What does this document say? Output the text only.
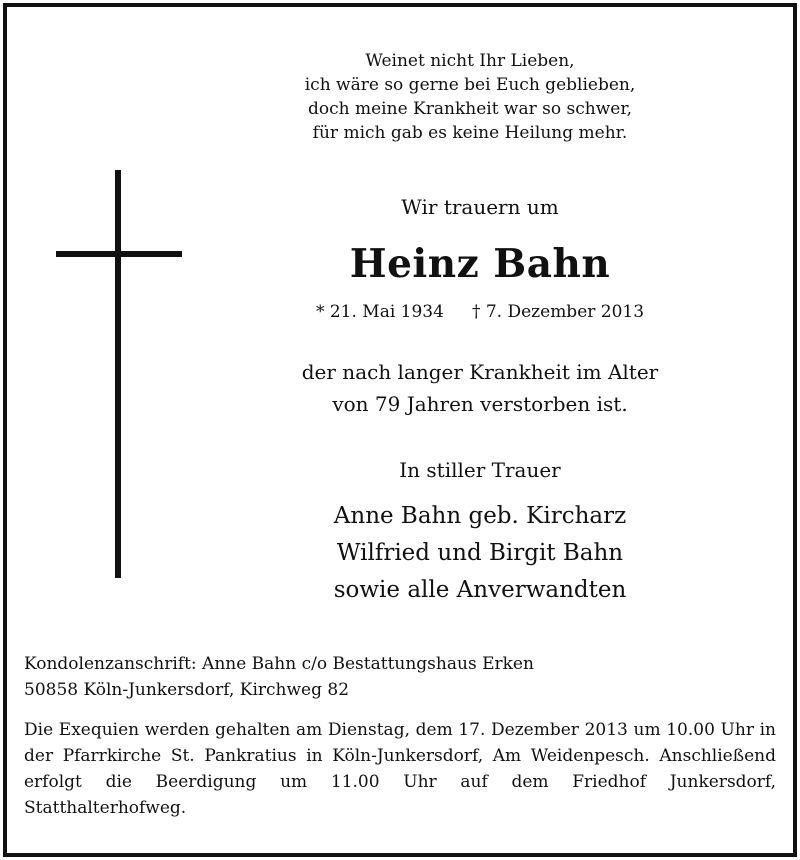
Weinet nicht Ihr Lieben,
ich wäre so gerne bei Euch geblieben,
doch meine Krankheit war so schwer,
für mich gab es keine Heilung mehr.
Wir trauern um
Heinz Bahn
* 21. Mai 1934 † 7. Dezember 2013
der nach langer Krankheit im Alter
von 79 Jahren verstorben ist.
In stiller Trauer
Anne Bahn geb. Kircharz
Wilfried und Birgit Bahn
sowie alle Anverwandten
Kondolenzanschrift: Anne Bahn c/o Bestattungshaus Erken
50858 Köln-Junkersdorf, Kirchweg 82
Die Exequien werden gehalten am Dienstag, dem 17. Dezember 2013 um 10.00 Uhr in der Pfarrkirche St. Pankratius in Köln-Junkersdorf, Am Weidenpesch. Anschließend erfolgt die Beerdigung um 11.00 Uhr auf dem Friedhof Junkersdorf, Statthalterhofweg.
